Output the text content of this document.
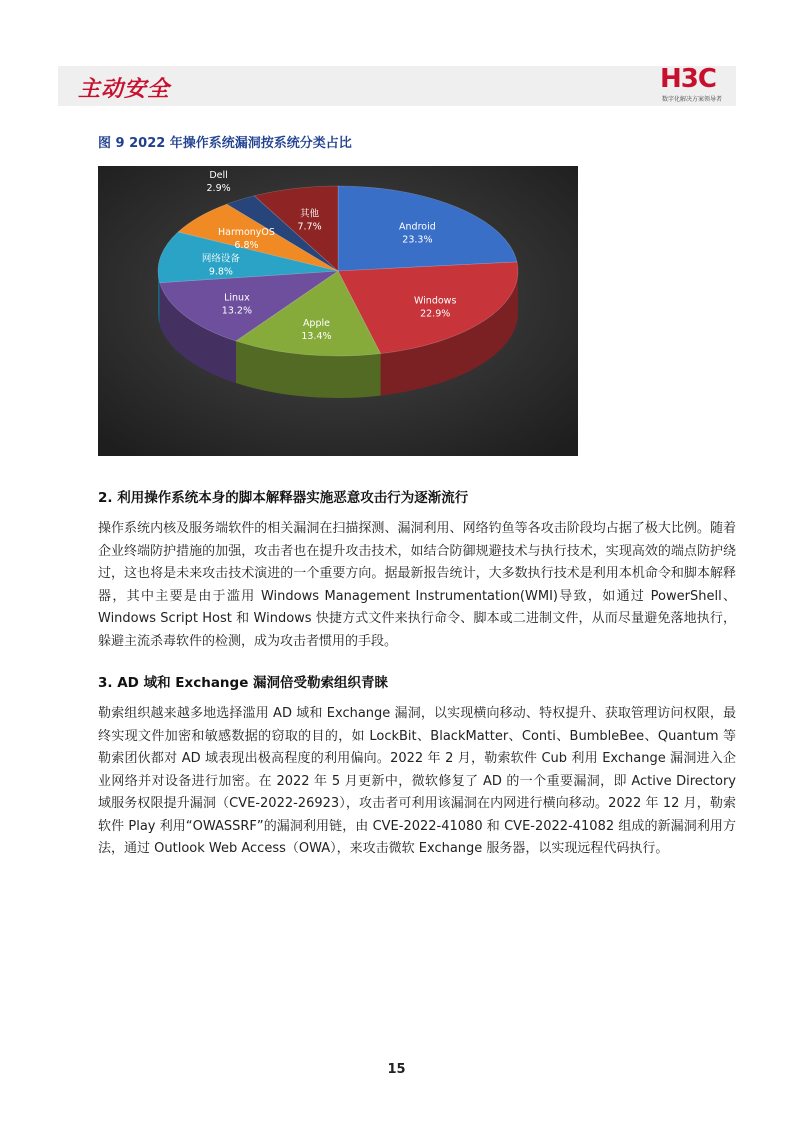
主动安全	H3C
数字化解决方案领导者
图 9 2022 年操作系统漏洞按系统分类占比
Android
23.3%
Windows
22.9%
Apple
13.4%
Linux
13.2%
网络设备
9.8%
HarmonyOS
6.8%
Dell
2.9%
其他
7.7%
2. 利用操作系统本身的脚本解释器实施恶意攻击行为逐渐流行

操作系统内核及服务端软件的相关漏洞在扫描探测、漏洞利用、网络钓鱼等各攻击阶段均占据了极大比例。随着企业终端防护措施的加强，攻击者也在提升攻击技术，如结合防御规避技术与执行技术，实现高效的端点防护绕过，这也将是未来攻击技术演进的一个重要方向。据最新报告统计，大多数执行技术是利用本机命令和脚本解释器，其中主要是由于滥用 Windows Management Instrumentation(WMI)导致，如通过 PowerShell、Windows Script Host 和 Windows 快捷方式文件来执行命令、脚本或二进制文件，从而尽量避免落地执行，躲避主流杀毒软件的检测，成为攻击者惯用的手段。

3. AD 域和 Exchange 漏洞倍受勒索组织青睐

勒索组织越来越多地选择滥用 AD 域和 Exchange 漏洞，以实现横向移动、特权提升、获取管理访问权限，最终实现文件加密和敏感数据的窃取的目的，如 LockBit、BlackMatter、Conti、BumbleBee、Quantum 等勒索团伙都对 AD 域表现出极高程度的利用偏向。2022 年 2 月，勒索软件 Cub 利用 Exchange 漏洞进入企业网络并对设备进行加密。在 2022 年 5 月更新中，微软修复了 AD 的一个重要漏洞，即 Active Directory 域服务权限提升漏洞（CVE-2022-26923），攻击者可利用该漏洞在内网进行横向移动。2022 年 12 月，勒索软件 Play 利用“OWASSRF”的漏洞利用链，由 CVE-2022-41080 和 CVE-2022-41082 组成的新漏洞利用方法，通过 Outlook Web Access（OWA），来攻击微软 Exchange 服务器，以实现远程代码执行。

15
